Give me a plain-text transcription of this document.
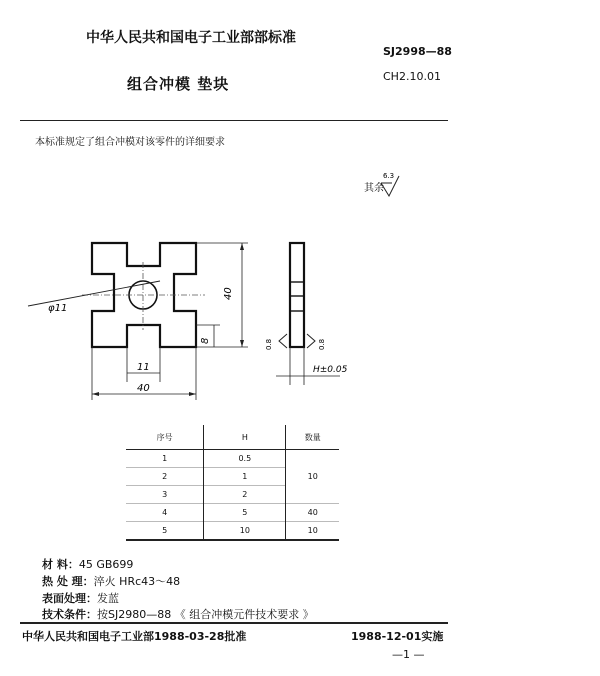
中华人民共和国电子工业部部标准
SJ2998—88
组合冲模 垫块	CH2.10.01
本标准规定了组合冲模对该零件的详细要求
其余
6.3
φ11
40
8
11
40
H±0.05
0.8	0.8
序号	H	数量
1	0.5	10
2	1	
3	2	
4	5	40
5	10	10
材 料：45 GB699
热 处 理：淬火 HRc43～48
表面处理：发蓝
技术条件：按SJ2980—88 《 组合冲模元件技术要求 》
中华人民共和国电子工业部1988-03-28批准	1988-12-01实施
—1 —
